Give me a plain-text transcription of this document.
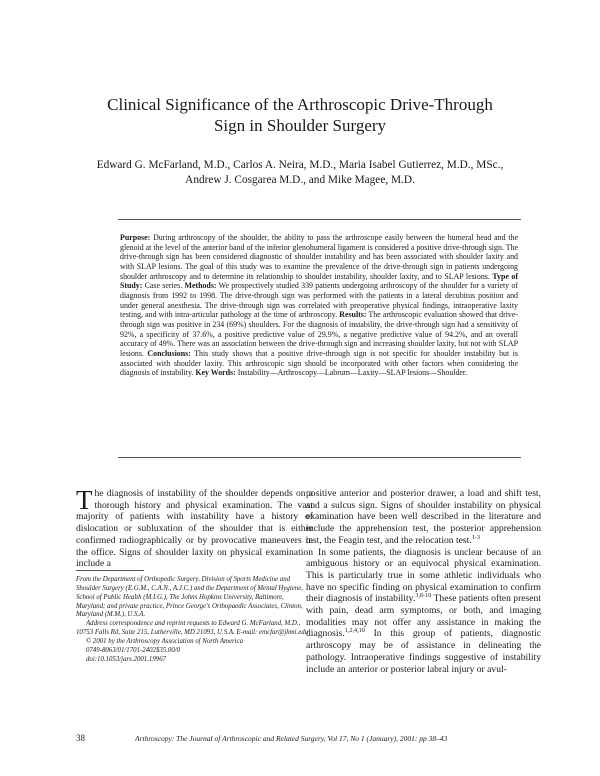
Clinical Significance of the Arthroscopic Drive-Through
Sign in Shoulder Surgery

Edward G. McFarland, M.D., Carlos A. Neira, M.D., Maria Isabel Gutierrez, M.D., MSc.,
Andrew J. Cosgarea M.D., and Mike Magee, M.D.

Purpose: During arthroscopy of the shoulder, the ability to pass the arthroscope easily between the humeral head and the glenoid at the level of the anterior band of the inferior glenohumeral ligament is considered a positive drive-through sign. The drive-through sign has been considered diagnostic of shoulder instability and has been associated with shoulder laxity and with SLAP lesions. The goal of this study was to examine the prevalence of the drive-through sign in patients undergoing shoulder arthroscopy and to determine its relationship to shoulder instability, shoulder laxity, and to SLAP lesions. Type of Study: Case series. Methods: We prospectively studied 339 patients undergoing arthroscopy of the shoulder for a variety of diagnosis from 1992 to 1998. The drive-through sign was performed with the patients in a lateral decubitus position and under general anesthesia. The drive-through sign was correlated with preoperative physical findings, intraoperative laxity testing, and with intra-articular pathology at the time of arthroscopy. Results: The arthroscopic evaluation showed that drive-through sign was positive in 234 (69%) shoulders. For the diagnosis of instability, the drive-through sign had a sensitivity of 92%, a specificity of 37.6%, a positive predictive value of 29.9%, a negative predictive value of 94.2%, and an overall accuracy of 49%. There was an association between the drive-through sign and increasing shoulder laxity, but not with SLAP lesions. Conclusions: This study shows that a positive drive-through sign is not specific for shoulder instability but is associated with shoulder laxity. This arthroscopic sign should be incorporated with other factors when considering the diagnosis of instability. Key Words: Instability—Arthroscopy—Labrum—Laxity—SLAP lesions—Shoulder.

The diagnosis of instability of the shoulder depends on a thorough history and physical examination. The vast majority of patients with instability have a history of dislocation or subluxation of the shoulder that is either confirmed radiographically or by provocative maneuvers in the office. Signs of shoulder laxity on physical examination include a

positive anterior and posterior drawer, a load and shift test, and a sulcus sign. Signs of shoulder instability on physical examination have been well described in the literature and include the apprehension test, the posterior apprehension test, the Feagin test, and the relocation test.$^{1-3}$

In some patients, the diagnosis is unclear because of an ambiguous history or an equivocal physical examination. This is particularly true in some athletic individuals who have no specific finding on physical examination to confirm their diagnosis of instability.$^{3,8-10}$ These patients often present with pain, dead arm symptoms, or both, and imaging modalities may not offer any assistance in making the diagnosis.$^{1,2,4,10}$ In this group of patients, diagnostic arthroscopy may be of assistance in delineating the pathology. Intraoperative findings suggestive of instability include an anterior or posterior labral injury or avul-

From the Department of Orthopedic Surgery, Division of Sports Medicine and Shoulder Surgery (E.G.M., C.A.N., A.J.C.) and the Department of Mental Hygiene, School of Public Health (M.I.G.), The Johns Hopkins University, Baltimore, Maryland; and private practice, Prince George's Orthopaedic Associates, Clinton, Maryland (M.M.), U.S.A.

Address correspondence and reprint requests to Edward G. McFarland, M.D., 10753 Falls Rd, Suite 215, Lutherville, MD 21093, U.S.A. E-mail: emcfar@jhmi.edu

© 2001 by the Arthroscopy Association of North America

0749-8063/01/1701-2402$35.00/0

doi:10.1053/jars.2001.19967

38	Arthroscopy: The Journal of Arthroscopic and Related Surgery, Vol 17, No 1 (January), 2001: pp 38–43
